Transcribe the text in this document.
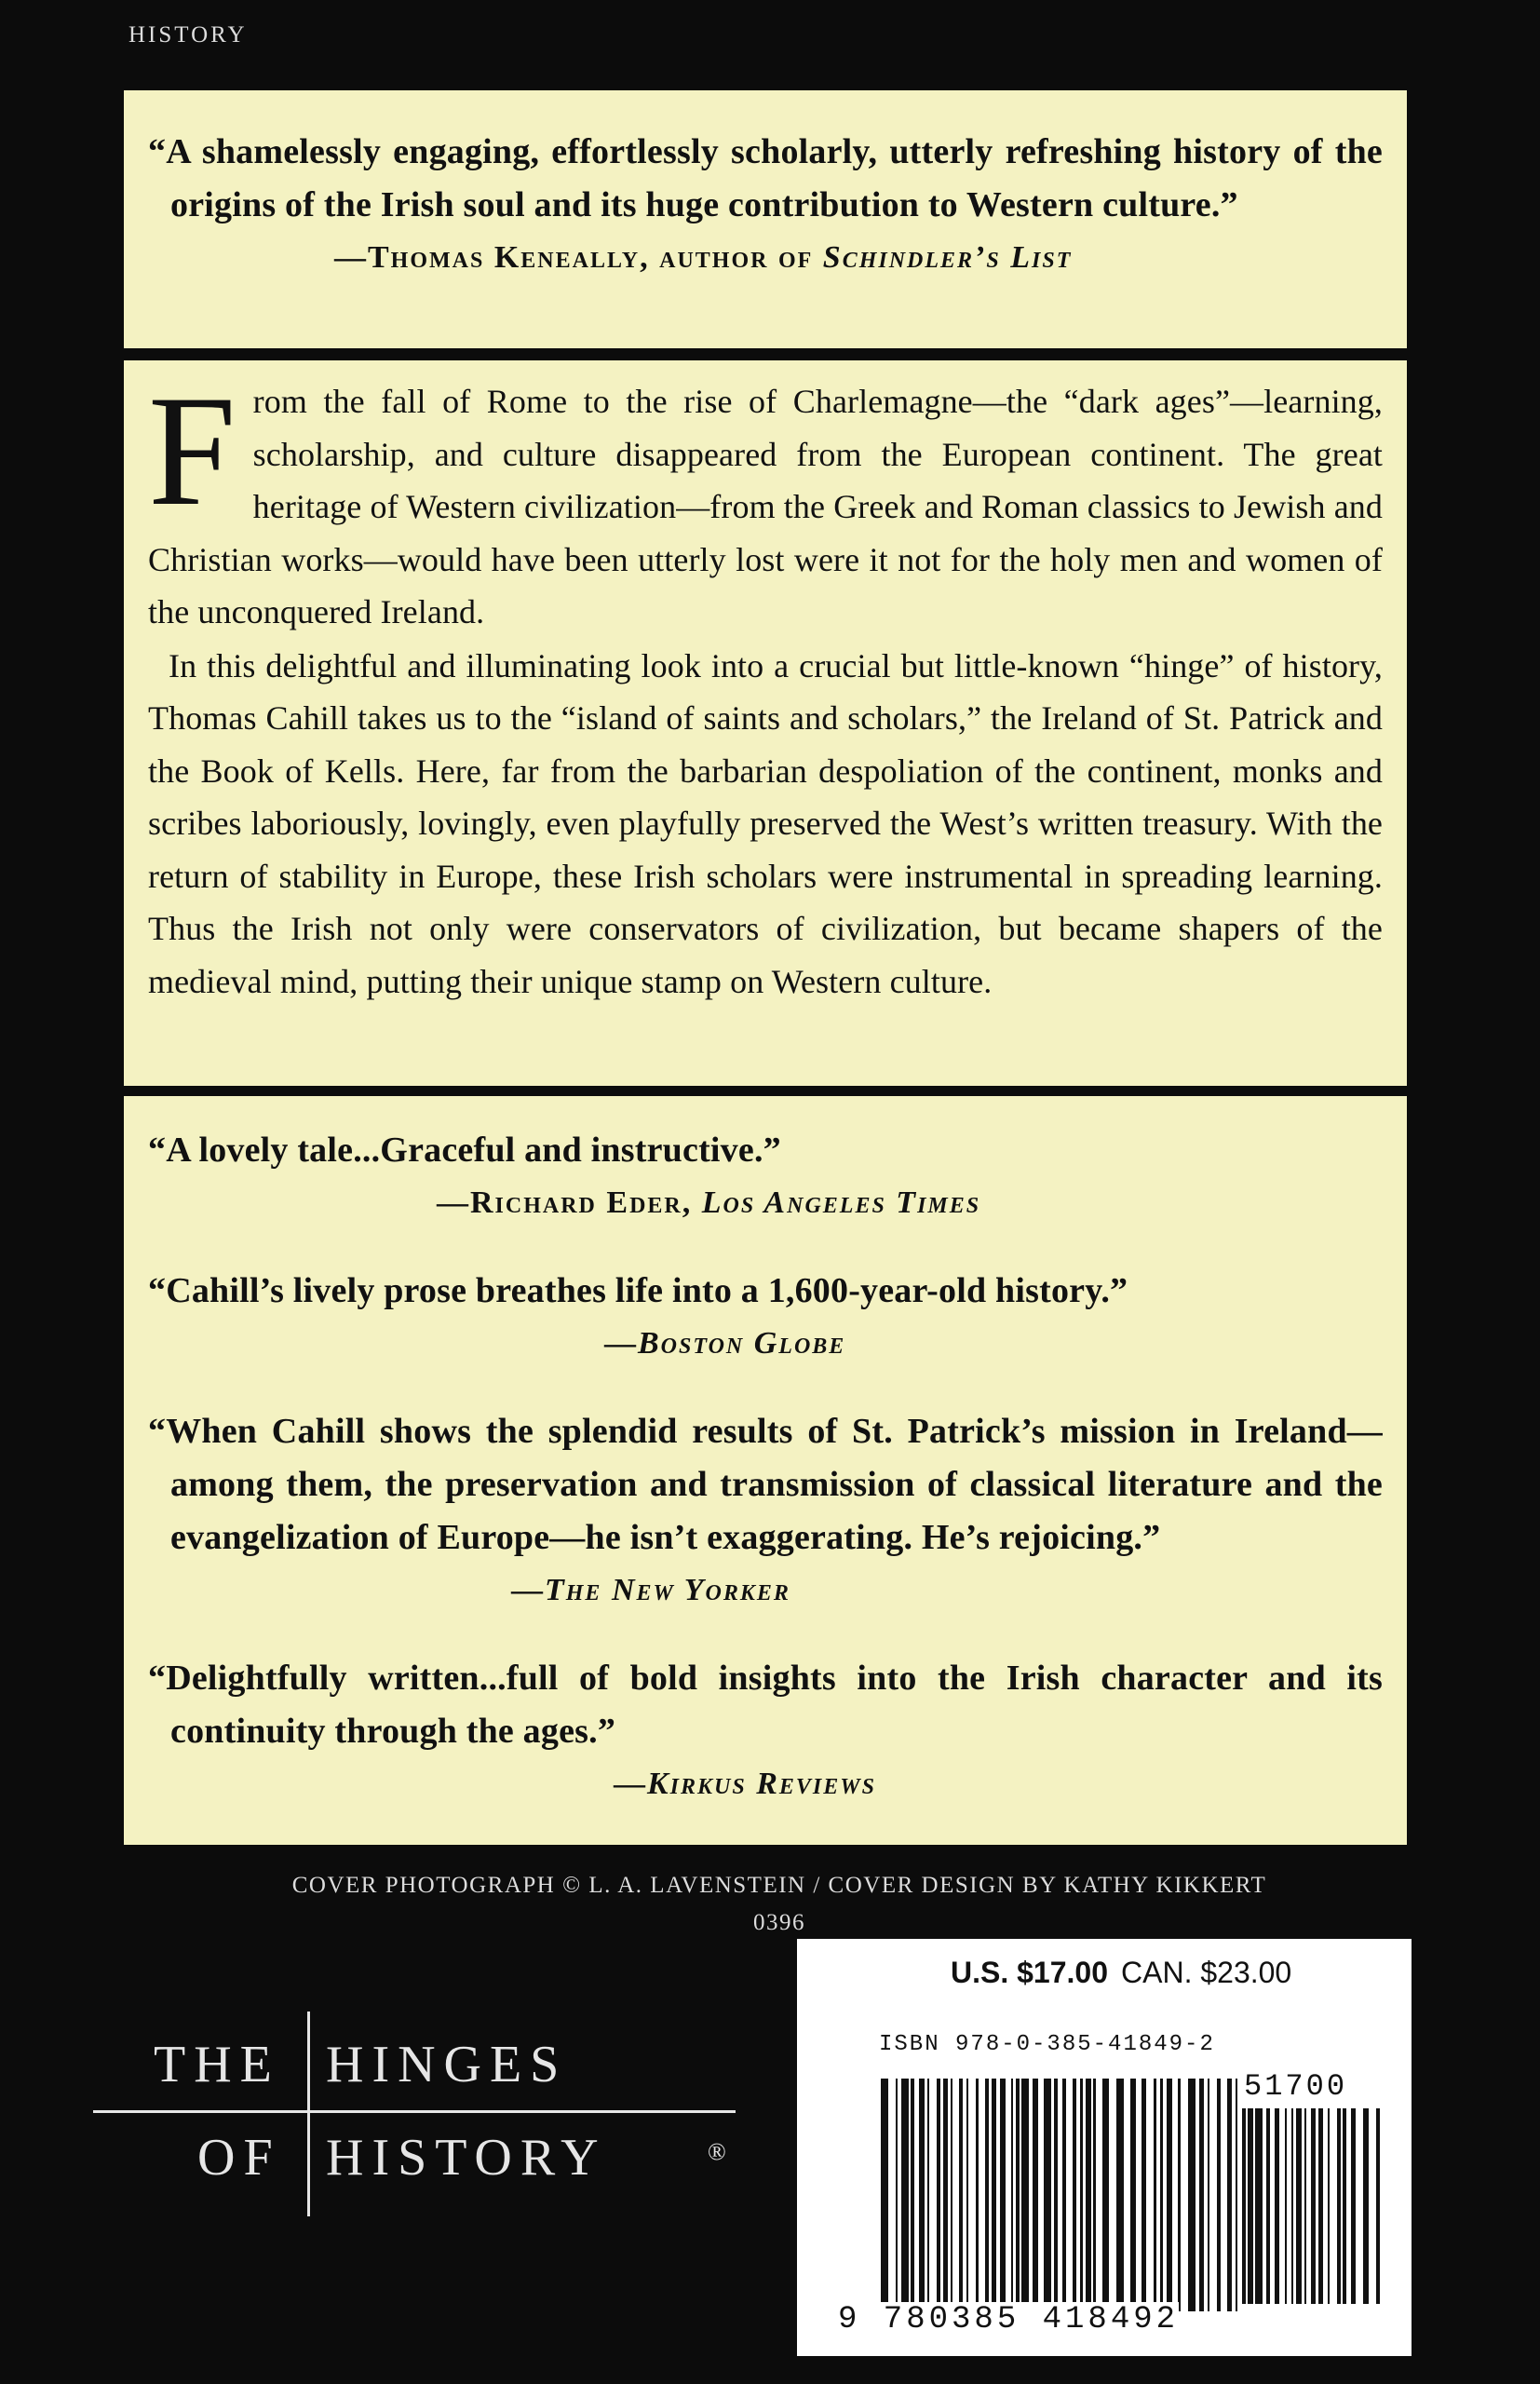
HISTORY

“A shamelessly engaging, effortlessly scholarly, utterly refreshing history of the origins of the Irish soul and its huge contribution to Western culture.”

—Thomas Keneally, author of Schindler’s List

From the fall of Rome to the rise of Charlemagne—the “dark ages”—learning, scholarship, and culture disappeared from the European continent. The great heritage of Western civilization—from the Greek and Roman classics to Jewish and Christian works—would have been utterly lost were it not for the holy men and women of the unconquered Ireland.

In this delightful and illuminating look into a crucial but little-known “hinge” of history, Thomas Cahill takes us to the “island of saints and scholars,” the Ireland of St. Patrick and the Book of Kells. Here, far from the barbarian despoliation of the continent, monks and scribes laboriously, lovingly, even playfully preserved the West’s written treasury. With the return of stability in Europe, these Irish scholars were instrumental in spreading learning. Thus the Irish not only were conservators of civilization, but became shapers of the medieval mind, putting their unique stamp on Western culture.

“A lovely tale...Graceful and instructive.”

—Richard Eder, Los Angeles Times

“Cahill’s lively prose breathes life into a 1,600-year-old history.”

—Boston Globe

“When Cahill shows the splendid results of St. Patrick’s mission in Ireland—among them, the preservation and transmission of classical literature and the evangelization of Europe—he isn’t exaggerating. He’s rejoicing.”

—The New Yorker

“Delightfully written...full of bold insights into the Irish character and its continuity through the ages.”

—Kirkus Reviews

COVER PHOTOGRAPH © L. A. LAVENSTEIN / COVER DESIGN BY KATHY KIKKERT
0396
THE HINGES
OF HISTORY	®
U.S. $17.00 CAN. $23.00
ISBN 978-0-385-41849-2
51700
9 780385 418492
